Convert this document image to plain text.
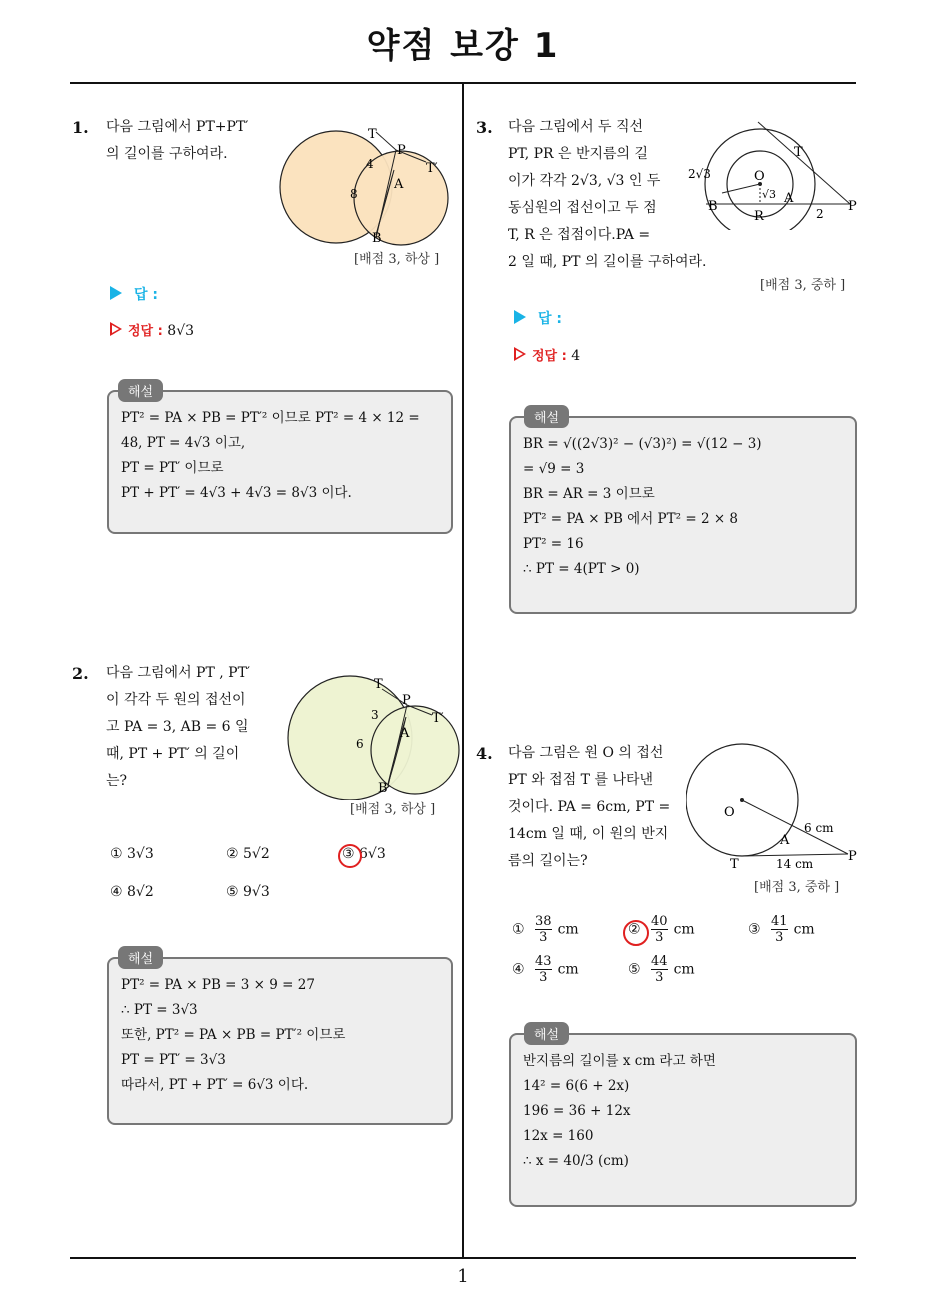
약점 보강 1
1
1. 다음 그림에서 PT+PT′
의 길이를 구하여라.
T
P
T′
A
B
4
8
[배점 3, 하상 ]
답 :
정답 : 8√3
해설
PT² = PA × PB = PT′² 이므로 PT² = 4 × 12 =
48, PT = 4√3 이고,
PT = PT′ 이므로
PT + PT′ = 4√3 + 4√3 = 8√3 이다.
2. 다음 그림에서 PT , PT′
이 각각 두 원의 접선이
고 PA = 3, AB = 6 일
때, PT + PT′ 의 길이
는?
T
P
T′
A
B
3
6
[배점 3, 하상 ]
① 3√3	② 5√2	③ 6√3
④ 8√2	⑤ 9√3
해설
PT² = PA × PB = 3 × 9 = 27
∴ PT = 3√3
또한, PT² = PA × PB = PT′² 이므로
PT = PT′ = 3√3
따라서, PT + PT′ = 6√3 이다.
3. 다음 그림에서 두 직선
PT, PR 은 반지름의 길
이가 각각 2√3, √3 인 두
동심원의 접선이고 두 점
T, R 은 접점이다.PA =
2 일 때, PT 의 길이를 구하여라.
T
O
B
A
R
P
2√3
√3
2
[배점 3, 중하 ]
답 :
정답 : 4
해설
BR = √((2√3)² − (√3)²) = √(12 − 3)
= √9 = 3
BR = AR = 3 이므로
PT² = PA × PB 에서 PT² = 2 × 8
PT² = 16
∴ PT = 4(PT > 0)
4. 다음 그림은 원 O 의 접선
PT 와 접점 T 를 나타낸
것이다. PA = 6cm, PT =
14cm 일 때, 이 원의 반지
름의 길이는?
O
A
T
P
6 cm
14 cm
[배점 3, 중하 ]
① $\frac{38}{3}$ cm	② $\frac{40}{3}$ cm	③ $\frac{41}{3}$ cm
④ $\frac{43}{3}$ cm	⑤ $\frac{44}{3}$ cm
해설
반지름의 길이를 x cm 라고 하면
14² = 6(6 + 2x)
196 = 36 + 12x
12x = 160
∴ x = 40/3 (cm)
